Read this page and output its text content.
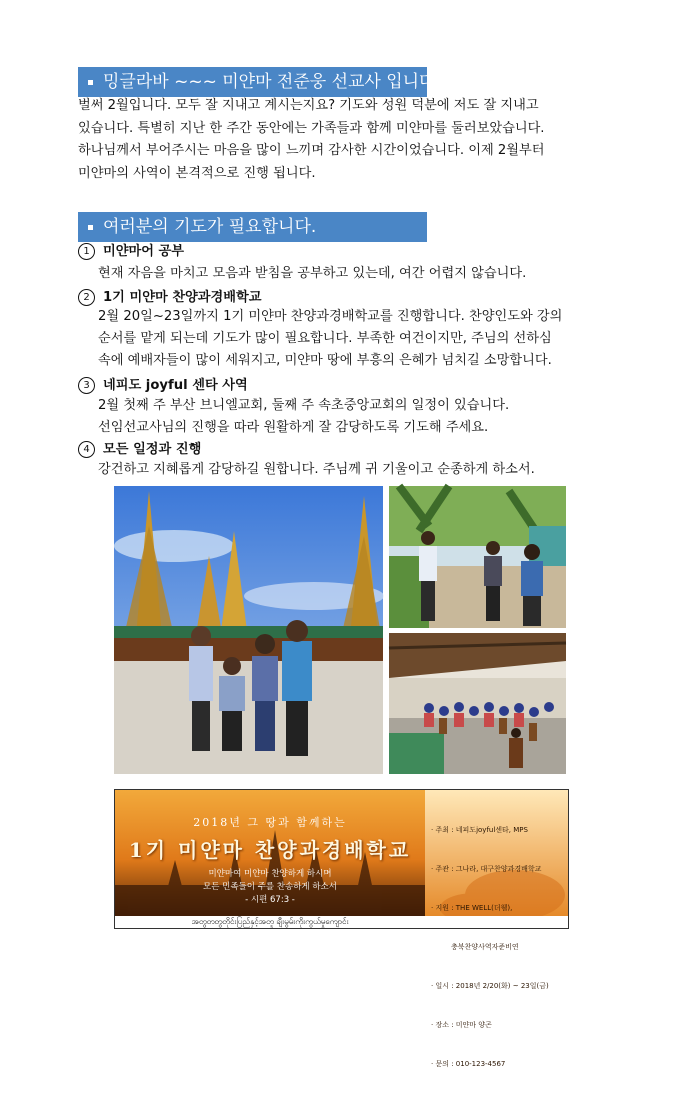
밍글라바 ~~~ 미얀마 전준웅 선교사 입니다.
벌써 2월입니다. 모두 잘 지내고 계시는지요? 기도와 성원 덕분에 저도 잘 지내고
있습니다. 특별히 지난 한 주간 동안에는 가족들과 함께 미얀마를 둘러보았습니다.
하나님께서 부어주시는 마음을 많이 느끼며 감사한 시간이었습니다. 이제 2월부터
미얀마의 사역이 본격적으로 진행 됩니다.
여러분의 기도가 필요합니다.
1 미얀마어 공부
현재 자음을 마치고 모음과 받침을 공부하고 있는데, 여간 어렵지 않습니다.
2 1기 미얀마 찬양과경배학교
2월 20일~23일까지 1기 미얀마 찬양과경배학교를 진행합니다. 찬양인도와 강의
순서를 맡게 되는데 기도가 많이 필요합니다. 부족한 여건이지만, 주님의 선하심
속에 예배자들이 많이 세워지고, 미얀마 땅에 부흥의 은혜가 넘치길 소망합니다.
3 네피도 joyful 센타 사역
2월 첫째 주 부산 브니엘교회, 둘째 주 속초중앙교회의 일정이 있습니다.
선임선교사님의 진행을 따라 원활하게 잘 감당하도록 기도해 주세요.
4 모든 일정과 진행
강건하고 지혜롭게 감당하길 원합니다. 주님께 귀 기울이고 순종하게 하소서.
2018년 그 땅과 함께하는
1기 미얀마 찬양과경배학교
미얀마여 미얀마 찬양하게 하시며
모든 민족들이 주를 찬송하게 하소서
- 시편 67:3 -
အတွတတွတိုင်းပြည်နှင့်အတူ ချီးမွမ်းကိုးကွယ်မှုကျောင်း

· 주최 : 네피도joyful센타, MPS

· 주관 : 그나라, 대구찬양과경배학교

· 지원 : THE WELL(더웰),

충북찬양사역자준비연

· 일시 : 2018년 2/20(화) ~ 23일(금)

· 장소 : 미얀마 양곤

· 문의 : 010-123-4567
